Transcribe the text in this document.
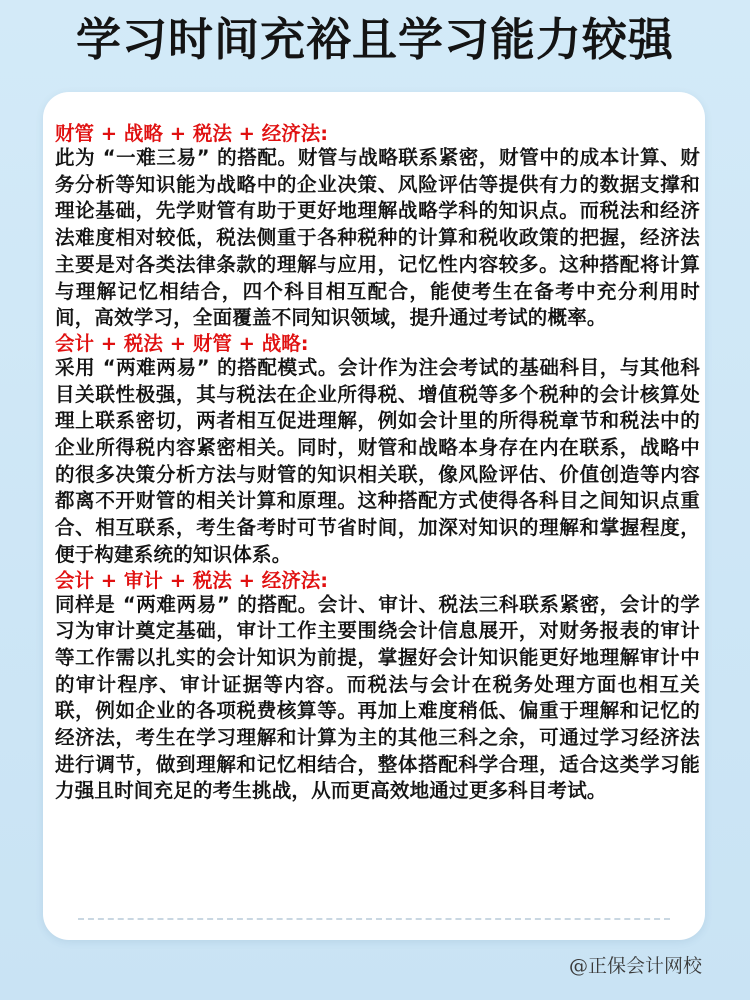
学习时间充裕且学习能力较强

财管 + 战略 + 税法 + 经济法:

此为 “一难三易” 的搭配。财管与战略联系紧密，财管中的成本计算、财务分析等知识能为战略中的企业决策、风险评估等提供有力的数据支撑和理论基础，先学财管有助于更好地理解战略学科的知识点。而税法和经济法难度相对较低，税法侧重于各种税种的计算和税收政策的把握，经济法主要是对各类法律条款的理解与应用，记忆性内容较多。这种搭配将计算与理解记忆相结合，四个科目相互配合，能使考生在备考中充分利用时间，高效学习，全面覆盖不同知识领域，提升通过考试的概率。

会计 + 税法 + 财管 + 战略:

采用 “两难两易” 的搭配模式。会计作为注会考试的基础科目，与其他科目关联性极强，其与税法在企业所得税、增值税等多个税种的会计核算处理上联系密切，两者相互促进理解，例如会计里的所得税章节和税法中的企业所得税内容紧密相关。同时，财管和战略本身存在内在联系，战略中的很多决策分析方法与财管的知识相关联，像风险评估、价值创造等内容都离不开财管的相关计算和原理。这种搭配方式使得各科目之间知识点重合、相互联系，考生备考时可节省时间，加深对知识的理解和掌握程度，便于构建系统的知识体系。

会计 + 审计 + 税法 + 经济法:

同样是 “两难两易” 的搭配。会计、审计、税法三科联系紧密，会计的学习为审计奠定基础，审计工作主要围绕会计信息展开，对财务报表的审计等工作需以扎实的会计知识为前提，掌握好会计知识能更好地理解审计中的审计程序、审计证据等内容。而税法与会计在税务处理方面也相互关联，例如企业的各项税费核算等。再加上难度稍低、偏重于理解和记忆的经济法，考生在学习理解和计算为主的其他三科之余，可通过学习经济法进行调节，做到理解和记忆相结合，整体搭配科学合理，适合这类学习能力强且时间充足的考生挑战，从而更高效地通过更多科目考试。

@正保会计网校
